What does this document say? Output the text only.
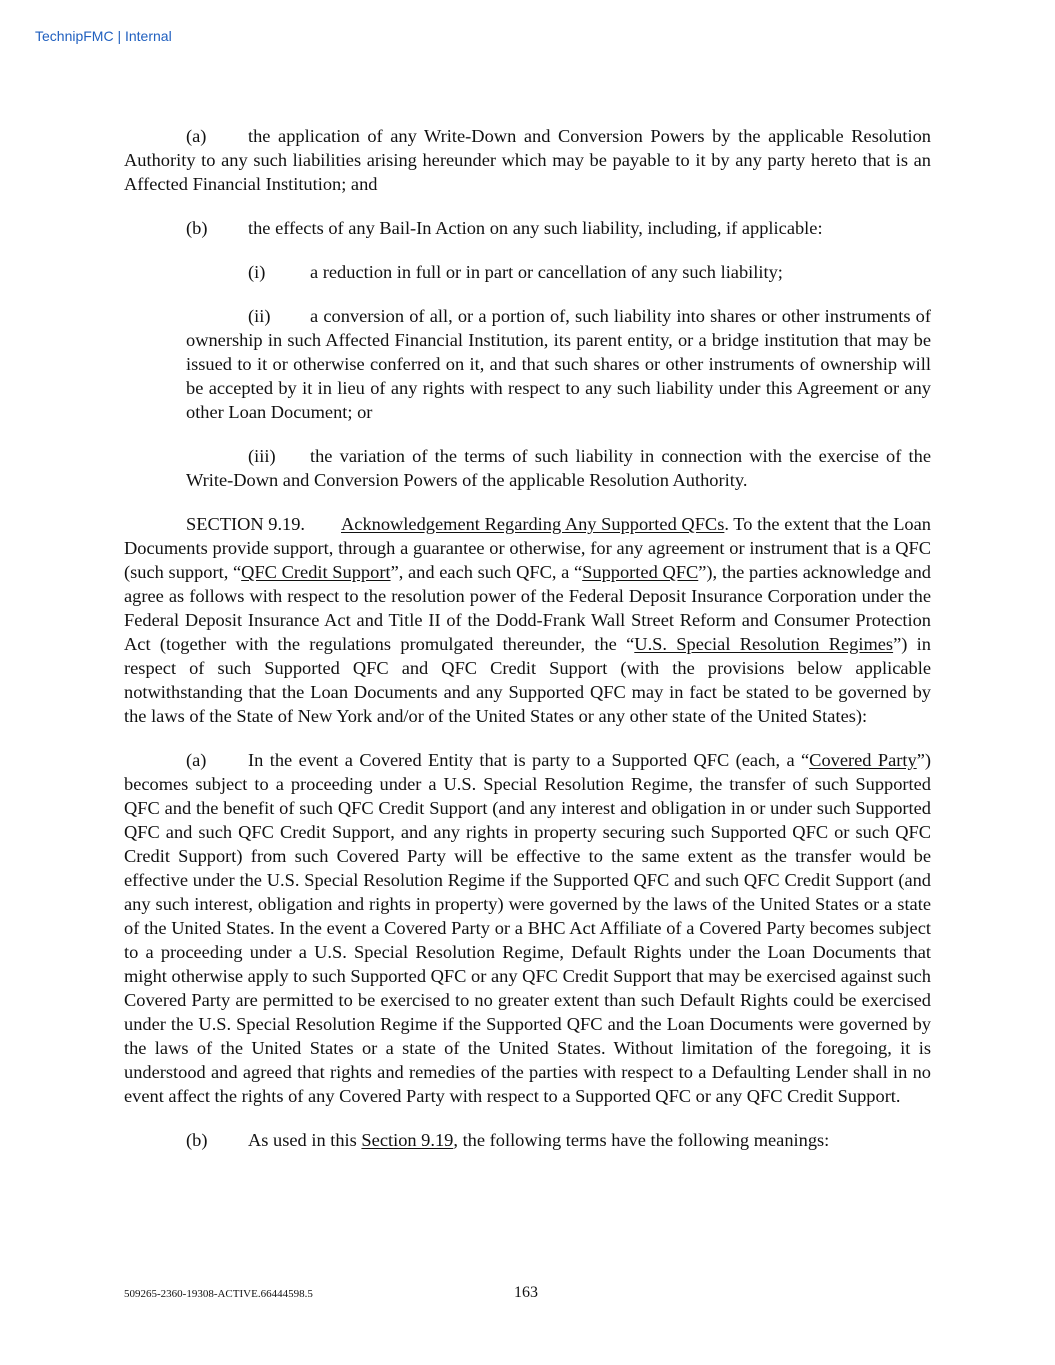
TechnipFMC | Internal

(a) the application of any Write-Down and Conversion Powers by the applicable Resolution Authority to any such liabilities arising hereunder which may be payable to it by any party hereto that is an Affected Financial Institution; and

(b) the effects of any Bail-In Action on any such liability, including, if applicable:

(i) a reduction in full or in part or cancellation of any such liability;

(ii) a conversion of all, or a portion of, such liability into shares or other instruments of ownership in such Affected Financial Institution, its parent entity, or a bridge institution that may be issued to it or otherwise conferred on it, and that such shares or other instruments of ownership will be accepted by it in lieu of any rights with respect to any such liability under this Agreement or any other Loan Document; or

(iii) the variation of the terms of such liability in connection with the exercise of the Write-Down and Conversion Powers of the applicable Resolution Authority.

SECTION 9.19. Acknowledgement Regarding Any Supported QFCs. To the extent that the Loan Documents provide support, through a guarantee or otherwise, for any agreement or instrument that is a QFC (such support, “QFC Credit Support”, and each such QFC, a “Supported QFC”), the parties acknowledge and agree as follows with respect to the resolution power of the Federal Deposit Insurance Corporation under the Federal Deposit Insurance Act and Title II of the Dodd-Frank Wall Street Reform and Consumer Protection Act (together with the regulations promulgated thereunder, the “U.S. Special Resolution Regimes”) in respect of such Supported QFC and QFC Credit Support (with the provisions below applicable notwithstanding that the Loan Documents and any Supported QFC may in fact be stated to be governed by the laws of the State of New York and/or of the United States or any other state of the United States):

(a) In the event a Covered Entity that is party to a Supported QFC (each, a “Covered Party”) becomes subject to a proceeding under a U.S. Special Resolution Regime, the transfer of such Supported QFC and the benefit of such QFC Credit Support (and any interest and obligation in or under such Supported QFC and such QFC Credit Support, and any rights in property securing such Supported QFC or such QFC Credit Support) from such Covered Party will be effective to the same extent as the transfer would be effective under the U.S. Special Resolution Regime if the Supported QFC and such QFC Credit Support (and any such interest, obligation and rights in property) were governed by the laws of the United States or a state of the United States. In the event a Covered Party or a BHC Act Affiliate of a Covered Party becomes subject to a proceeding under a U.S. Special Resolution Regime, Default Rights under the Loan Documents that might otherwise apply to such Supported QFC or any QFC Credit Support that may be exercised against such Covered Party are permitted to be exercised to no greater extent than such Default Rights could be exercised under the U.S. Special Resolution Regime if the Supported QFC and the Loan Documents were governed by the laws of the United States or a state of the United States. Without limitation of the foregoing, it is understood and agreed that rights and remedies of the parties with respect to a Defaulting Lender shall in no event affect the rights of any Covered Party with respect to a Supported QFC or any QFC Credit Support.

(b) As used in this Section 9.19, the following terms have the following meanings:

509265-2360-19308-ACTIVE.66444598.5	163
